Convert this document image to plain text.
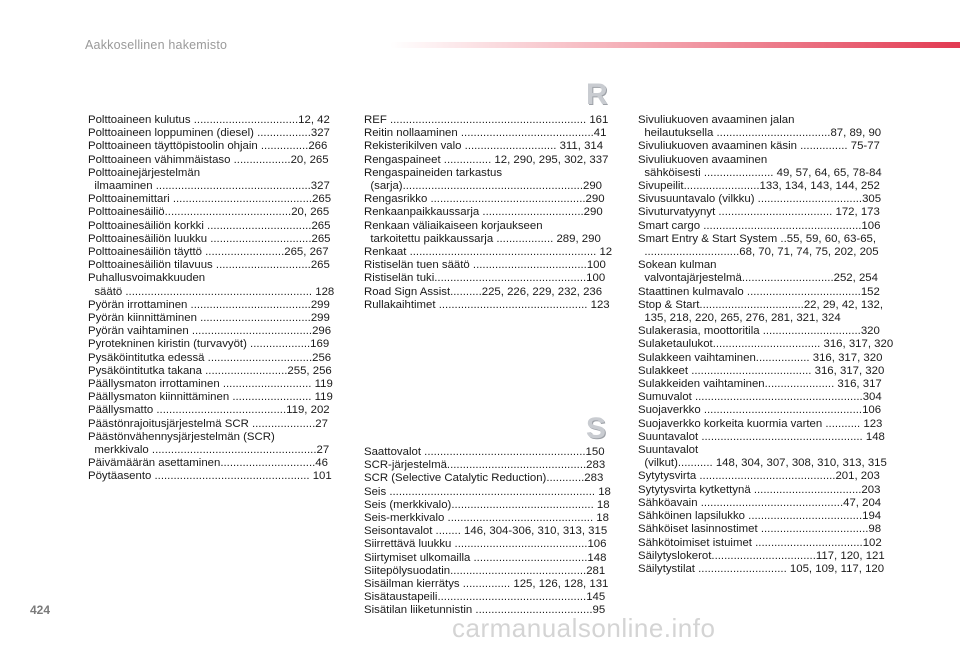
Aakkosellinen hakemisto
Polttoaineen kulutus .................................12, 42
Polttoaineen loppuminen (diesel) .................327
Polttoaineen täyttöpistoolin ohjain ...............266
Polttoaineen vähimmäistaso ..................20, 265
Polttoainejärjestelmän
ilmaaminen .................................................327
Polttoainemittari ............................................265
Polttoainesäiliö........................................20, 265
Polttoainesäiliön korkki .................................265
Polttoainesäiliön luukku ................................265
Polttoainesäiliön täyttö .........................265, 267
Polttoainesäiliön tilavuus ..............................265
Puhallusvoimakkuuden
säätö ........................................................... 128
Pyörän irrottaminen ......................................299
Pyörän kiinnittäminen ...................................299
Pyörän vaihtaminen ......................................296
Pyrotekninen kiristin (turvavyöt) ...................169
Pysäköintitutka edessä .................................256
Pysäköintitutka takana ..........................255, 256
Päällysmaton irrottaminen ............................ 119
Päällysmaton kiinnittäminen ......................... 119
Päällysmatto .........................................119, 202
Päästönrajoitusjärjestelmä SCR ....................27
Päästönvähennysjärjestelmän (SCR)
merkkivalo ....................................................27
Päivämäärän asettaminen..............................46
Pöytäasento ................................................. 101
R
REF .............................................................. 161
Reitin nollaaminen ..........................................41
Rekisterikilven valo ............................. 311, 314
Rengaspaineet ............... 12, 290, 295, 302, 337
Rengaspaineiden tarkastus
(sarja).........................................................290
Rengasrikko .................................................290
Renkaanpaikkaussarja ................................290
Renkaan väliaikaiseen korjaukseen
tarkoitettu paikkaussarja .................. 289, 290
Renkaat ........................................................... 12
Ristiselän tuen säätö ....................................100
Ristiselän tuki................................................100
Road Sign Assist..........225, 226, 229, 232, 236
Rullakaihtimet ............................................... 123
S
Saattovalot ...................................................150
SCR-järjestelmä............................................283
SCR (Selective Catalytic Reduction)............283
Seis ................................................................. 18
Seis (merkkivalo)............................................. 18
Seis-merkkivalo .............................................. 18
Seisontavalot ........ 146, 304-306, 310, 313, 315
Siirrettävä luukku ..........................................106
Siirtymiset ulkomailla ....................................148
Siitepölysuodatin...........................................281
Sisäilman kierrätys ............... 125, 126, 128, 131
Sisätaustapeili...............................................145
Sisätilan liiketunnistin .....................................95
Sivuliukuoven avaaminen jalan
heilautuksella ....................................87, 89, 90
Sivuliukuoven avaaminen käsin ............... 75-77
Sivuliukuoven avaaminen
sähköisesti ...................... 49, 57, 64, 65, 78-84
Sivupeilit........................133, 134, 143, 144, 252
Sivusuuntavalo (vilkku) .................................305
Sivuturvatyynyt .................................... 172, 173
Smart cargo ..................................................106
Smart Entry & Start System ..55, 59, 60, 63-65,
..............................68, 70, 71, 74, 75, 202, 205
Sokean kulman
valvontajärjestelmä.............................252, 254
Staattinen kulmavalo ....................................152
Stop & Start.................................22, 29, 42, 132,
135, 218, 220, 265, 276, 281, 321, 324
Sulakerasia, moottoritila ...............................320
Sulaketaulukot.................................. 316, 317, 320
Sulakkeen vaihtaminen................. 316, 317, 320
Sulakkeet ...................................... 316, 317, 320
Sulakkeiden vaihtaminen...................... 316, 317
Sumuvalot .....................................................304
Suojaverkko ..................................................106
Suojaverkko korkeita kuormia varten ........... 123
Suuntavalot ................................................... 148
Suuntavalot
(vilkut)........... 148, 304, 307, 308, 310, 313, 315
Sytytysvirta ...........................................201, 203
Sytytysvirta kytkettynä ..................................203
Sähköavain .............................................47, 204
Sähköinen lapsilukko ....................................194
Sähköiset lasinnostimet ..................................98
Sähkötoimiset istuimet ..................................102
Säilytyslokerot.................................117, 120, 121
Säilytystilat ............................ 105, 109, 117, 120
424
carmanualsonline.info
